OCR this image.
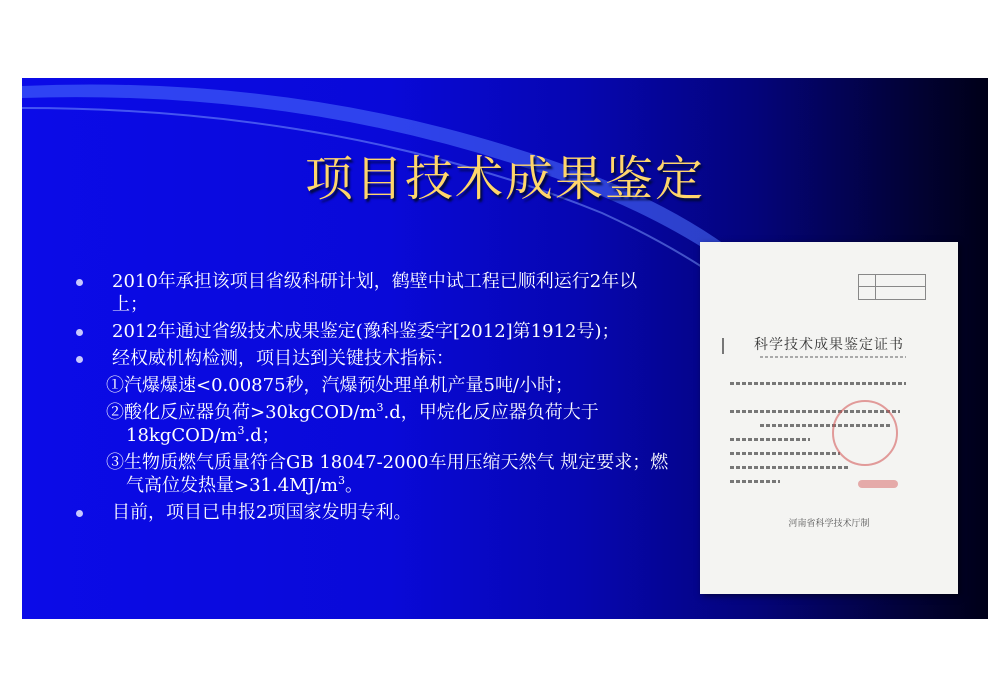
项目技术成果鉴定
2010年承担该项目省级科研计划，鹤壁中试工程已顺利运行2年以上；
2012年通过省级技术成果鉴定(豫科鉴委字[2012]第1912号)；
经权威机构检测，项目达到关键技术指标：
①汽爆爆速<0.00875秒，汽爆预处理单机产量5吨/小时；
②酸化反应器负荷$>30kgCOD/m^3.d$，甲烷化反应器负荷大于$18kgCOD/m^3.d$；
③生物质燃气质量符合GB 18047-2000车用压缩天然气 规定要求；燃气高位发热量$>31.4MJ/m^3$。
目前，项目已申报2项国家发明专利。
科学技术成果鉴定证书
河南省科学技术厅制
